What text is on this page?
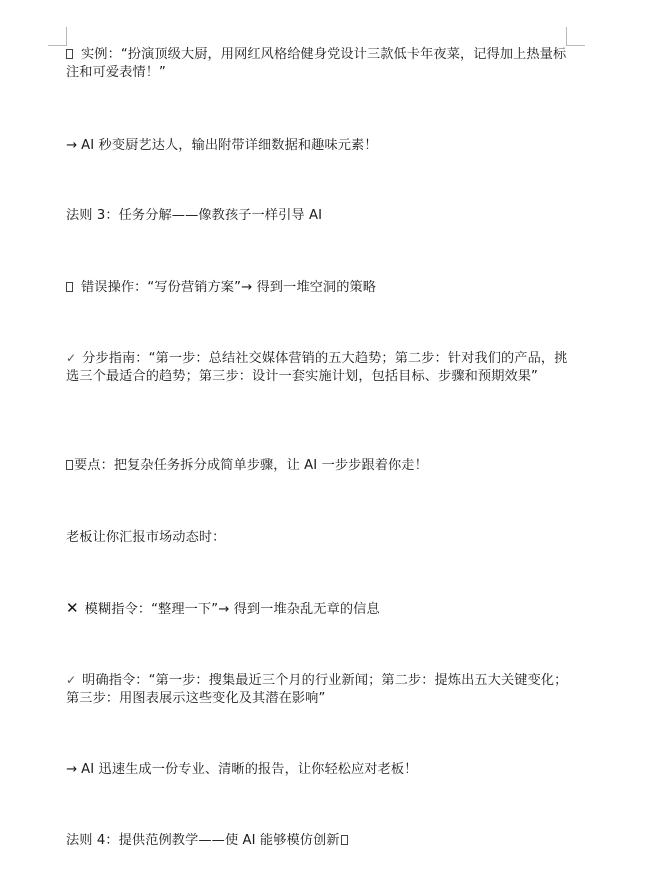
实例：“扮演顶级大厨，用网红风格给健身党设计三款低卡年夜菜，记得加上热量标注和可爱表情！”
→ AI 秒变厨艺达人，输出附带详细数据和趣味元素！
法则 3：任务分解——像教孩子一样引导 AI
错误操作：“写份营销方案”→ 得到一堆空洞的策略
✓ 分步指南：“第一步：总结社交媒体营销的五大趋势；第二步：针对我们的产品，挑选三个最适合的趋势；第三步：设计一套实施计划，包括目标、步骤和预期效果”
要点：把复杂任务拆分成简单步骤，让 AI 一步步跟着你走！
老板让你汇报市场动态时：
✕ 模糊指令：“整理一下”→ 得到一堆杂乱无章的信息
✓ 明确指令：“第一步：搜集最近三个月的行业新闻；第二步：提炼出五大关键变化；第三步：用图表展示这些变化及其潜在影响”
→ AI 迅速生成一份专业、清晰的报告，让你轻松应对老板！
法则 4：提供范例教学——使 AI 能够模仿创新
